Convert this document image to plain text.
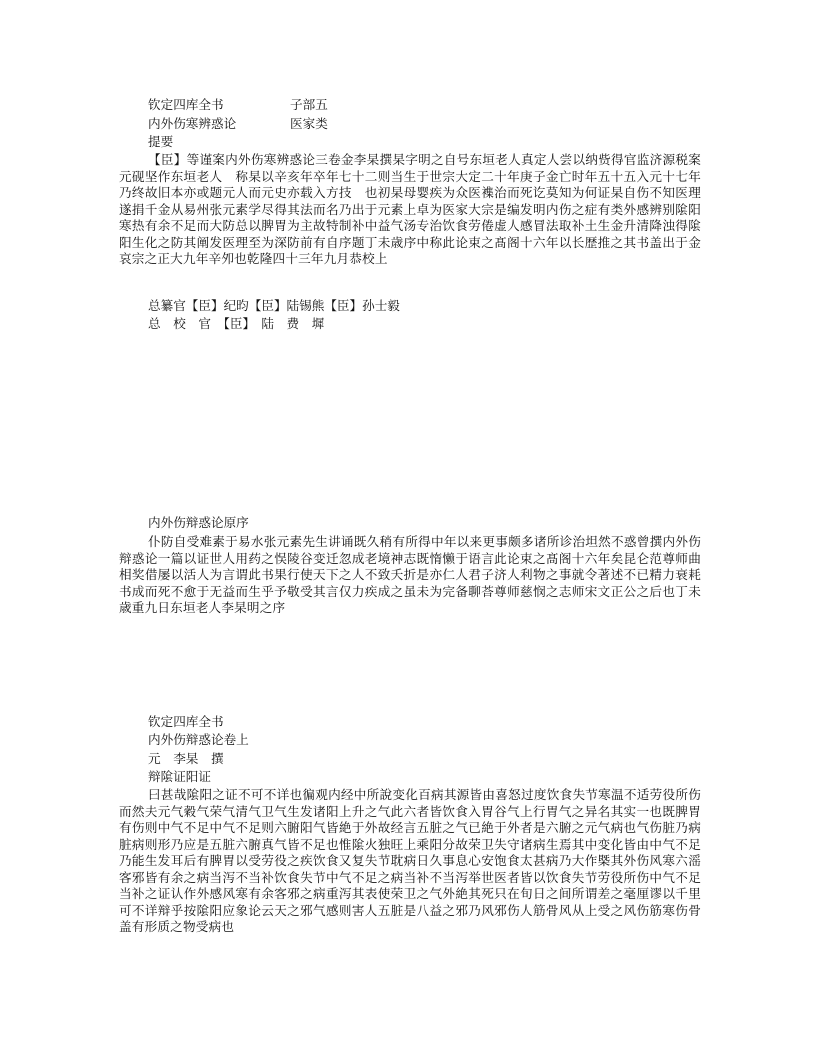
钦定四库全书	子部五
内外伤寒辨惑论	医家类
提要
【臣】等谨案内外伤寒辨惑论三卷金李杲撰杲字明之自号东垣老人真定人尝以纳赀得官监济源税案元砚坚作东垣老人　称杲以辛亥年卒年七十二则当生于世宗大定二十年庚子金亡时年五十五入元十七年乃终故旧本亦或题元人而元史亦载入方技　也初杲母婴疾为众医襍治而死讫莫知为何证杲自伤不知医理遂捐千金从易州张元素学尽得其法而名乃出于元素上卓为医家大宗是编发明内伤之症有类外感辨别隂阳寒热有余不足而大防总以脾胃为主故特制补中益气汤专治饮食劳倦虚人感冒法取补土生金升清降浊得隂阳生化之防其阐发医理至为深防前有自序题丁未歳序中称此论束之髙阁十六年以长歴推之其书盖出于金哀宗之正大九年辛夘也乾隆四十三年九月恭校上
总纂官【臣】纪昀【臣】陆锡熊【臣】孙士毅
总　校　官　【臣】　陆　费　墀
内外伤辩惑论原序
仆防自受难素于易水张元素先生讲诵既久稍有所得中年以来更事颇多诸所诊治坦然不惑曾撰内外伤辩惑论一篇以证世人用药之悮陵谷变迁忽成老境神志既惰懒于语言此论束之髙阁十六年矣昆仑范尊师曲相奖借屡以活人为言谓此书果行使天下之人不致夭折是亦仁人君子济人利物之事就令著述不已精力衰耗书成而死不愈于无益而生乎予敬受其言仅力疾成之虽未为完备聊荅尊师慈悯之志师宋文正公之后也丁未歳重九日东垣老人李杲明之序
钦定四库全书
内外伤辩惑论卷上
元　李杲　撰
辩隂证阳证
曰甚哉隂阳之证不可不详也徧观内经中所說变化百病其源皆由喜怒过度饮食失节寒温不适劳役所伤而然夫元气穀气荣气清气卫气生发诸阳上升之气此六者皆饮食入胃谷气上行胃气之异名其实一也既脾胃有伤则中气不足中气不足则六腑阳气皆絶于外故经言五脏之气已絶于外者是六腑之元气病也气伤脏乃病脏病则形乃应是五脏六腑真气皆不足也惟隂火独旺上乘阳分故荣卫失守诸病生焉其中变化皆由中气不足乃能生发耳后有脾胃以受劳役之疾饮食又复失节耽病日久事息心安饱食太甚病乃大作槩其外伤风寒六滛客邪皆有余之病当泻不当补饮食失节中气不足之病当补不当泻举世医者皆以饮食失节劳役所伤中气不足当补之证认作外感风寒有余客邪之病重泻其表使荣卫之气外絶其死只在旬日之间所谓差之毫厘谬以千里可不详辩乎按隂阳应象论云天之邪气感则害人五脏是八益之邪乃风邪伤人筋骨风从上受之风伤筋寒伤骨盖有形质之物受病也
